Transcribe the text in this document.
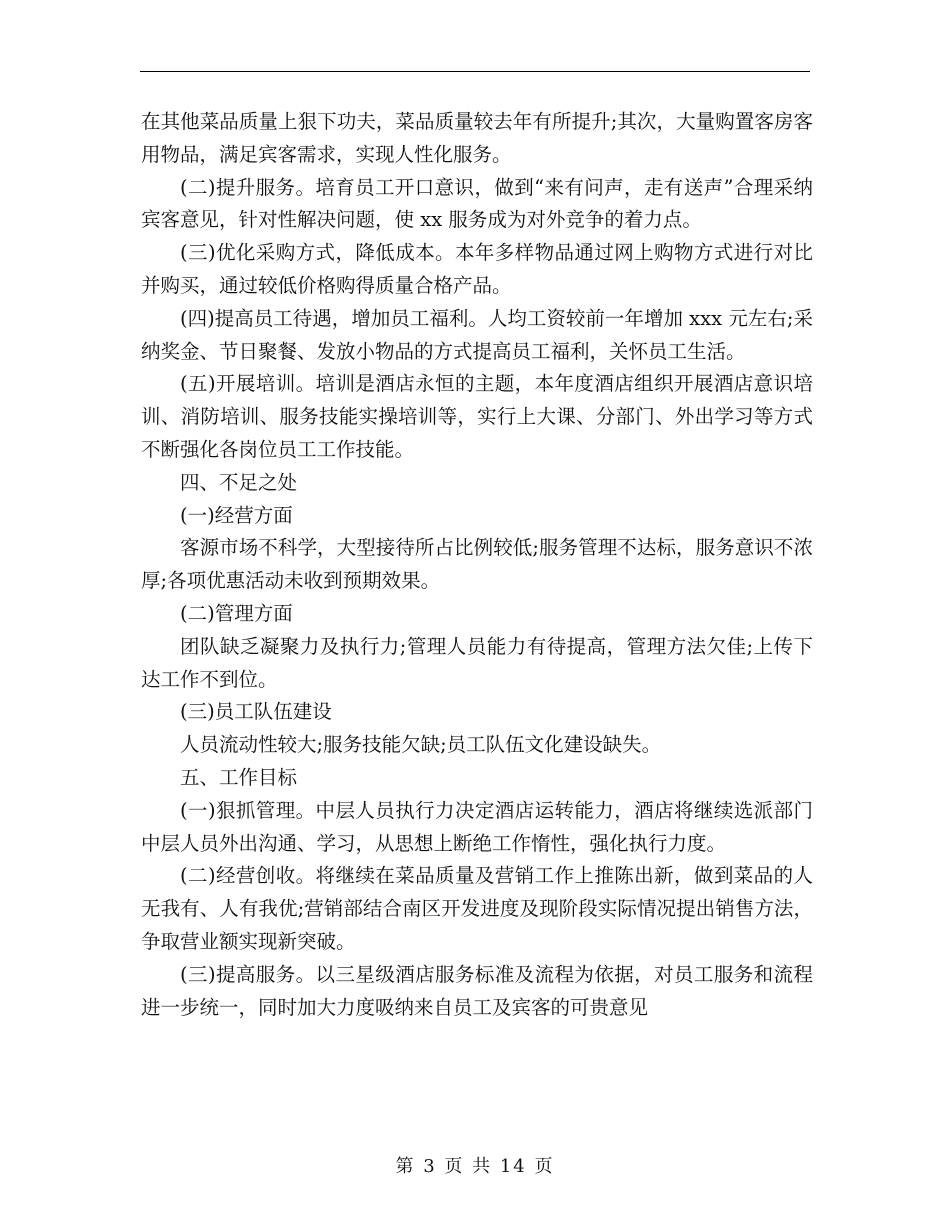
在其他菜品质量上狠下功夫，菜品质量较去年有所提升;其次，大量购置客房客用物品，满足宾客需求，实现人性化服务。

(二)提升服务。培育员工开口意识，做到“来有问声，走有送声”合理采纳宾客意见，针对性解决问题，使 xx 服务成为对外竞争的着力点。

(三)优化采购方式，降低成本。本年多样物品通过网上购物方式进行对比并购买，通过较低价格购得质量合格产品。

(四)提高员工待遇，增加员工福利。人均工资较前一年增加 xxx 元左右;采纳奖金、节日聚餐、发放小物品的方式提高员工福利，关怀员工生活。

(五)开展培训。培训是酒店永恒的主题，本年度酒店组织开展酒店意识培训、消防培训、服务技能实操培训等，实行上大课、分部门、外出学习等方式不断强化各岗位员工工作技能。

四、不足之处

(一)经营方面

客源市场不科学，大型接待所占比例较低;服务管理不达标，服务意识不浓厚;各项优惠活动未收到预期效果。

(二)管理方面

团队缺乏凝聚力及执行力;管理人员能力有待提高，管理方法欠佳;上传下达工作不到位。

(三)员工队伍建设

人员流动性较大;服务技能欠缺;员工队伍文化建设缺失。

五、工作目标

(一)狠抓管理。中层人员执行力决定酒店运转能力，酒店将继续选派部门中层人员外出沟通、学习，从思想上断绝工作惰性，强化执行力度。

(二)经营创收。将继续在菜品质量及营销工作上推陈出新，做到菜品的人无我有、人有我优;营销部结合南区开发进度及现阶段实际情况提出销售方法，争取营业额实现新突破。

(三)提高服务。以三星级酒店服务标准及流程为依据，对员工服务和流程进一步统一，同时加大力度吸纳来自员工及宾客的可贵意见

第 3 页 共 14 页
